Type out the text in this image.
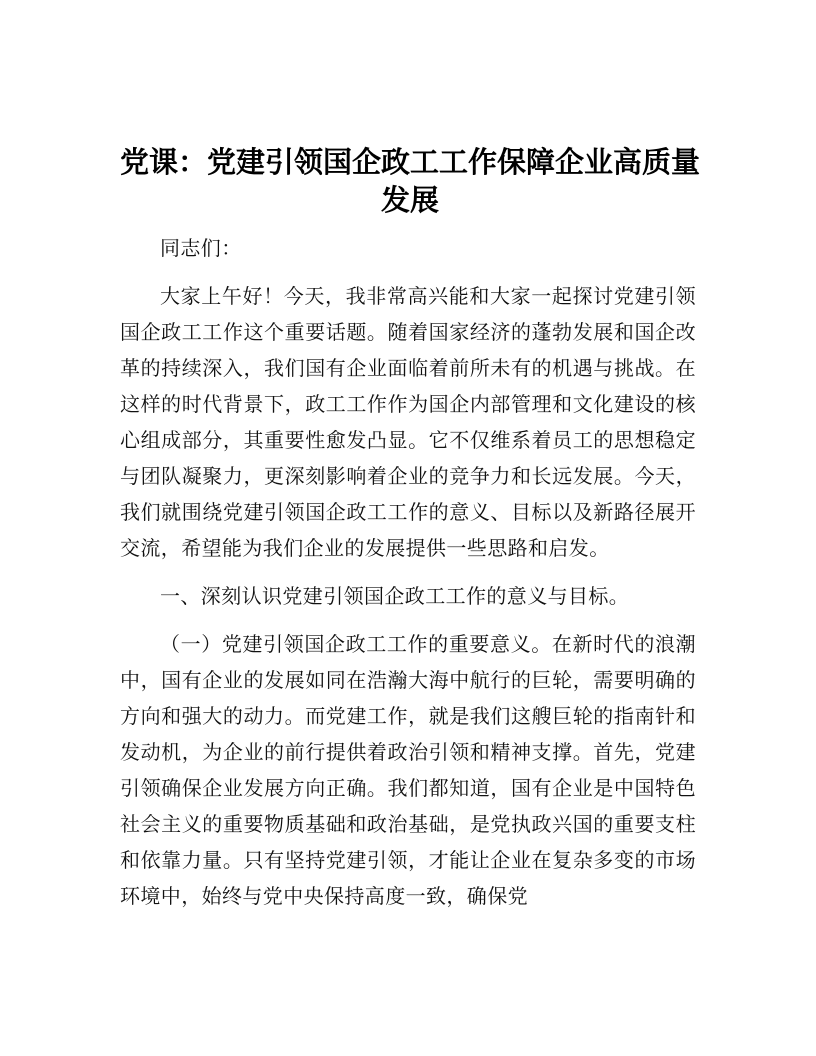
党课：党建引领国企政工工作保障企业高质量发展

同志们：

大家上午好！今天，我非常高兴能和大家一起探讨党建引领国企政工工作这个重要话题。随着国家经济的蓬勃发展和国企改革的持续深入，我们国有企业面临着前所未有的机遇与挑战。在这样的时代背景下，政工工作作为国企内部管理和文化建设的核心组成部分，其重要性愈发凸显。它不仅维系着员工的思想稳定与团队凝聚力，更深刻影响着企业的竞争力和长远发展。今天，我们就围绕党建引领国企政工工作的意义、目标以及新路径展开交流，希望能为我们企业的发展提供一些思路和启发。

一、深刻认识党建引领国企政工工作的意义与目标。

（一）党建引领国企政工工作的重要意义。在新时代的浪潮中，国有企业的发展如同在浩瀚大海中航行的巨轮，需要明确的方向和强大的动力。而党建工作，就是我们这艘巨轮的指南针和发动机，为企业的前行提供着政治引领和精神支撑。首先，党建引领确保企业发展方向正确。我们都知道，国有企业是中国特色社会主义的重要物质基础和政治基础，是党执政兴国的重要支柱和依靠力量。只有坚持党建引领，才能让企业在复杂多变的市场环境中，始终与党中央保持高度一致，确保党
